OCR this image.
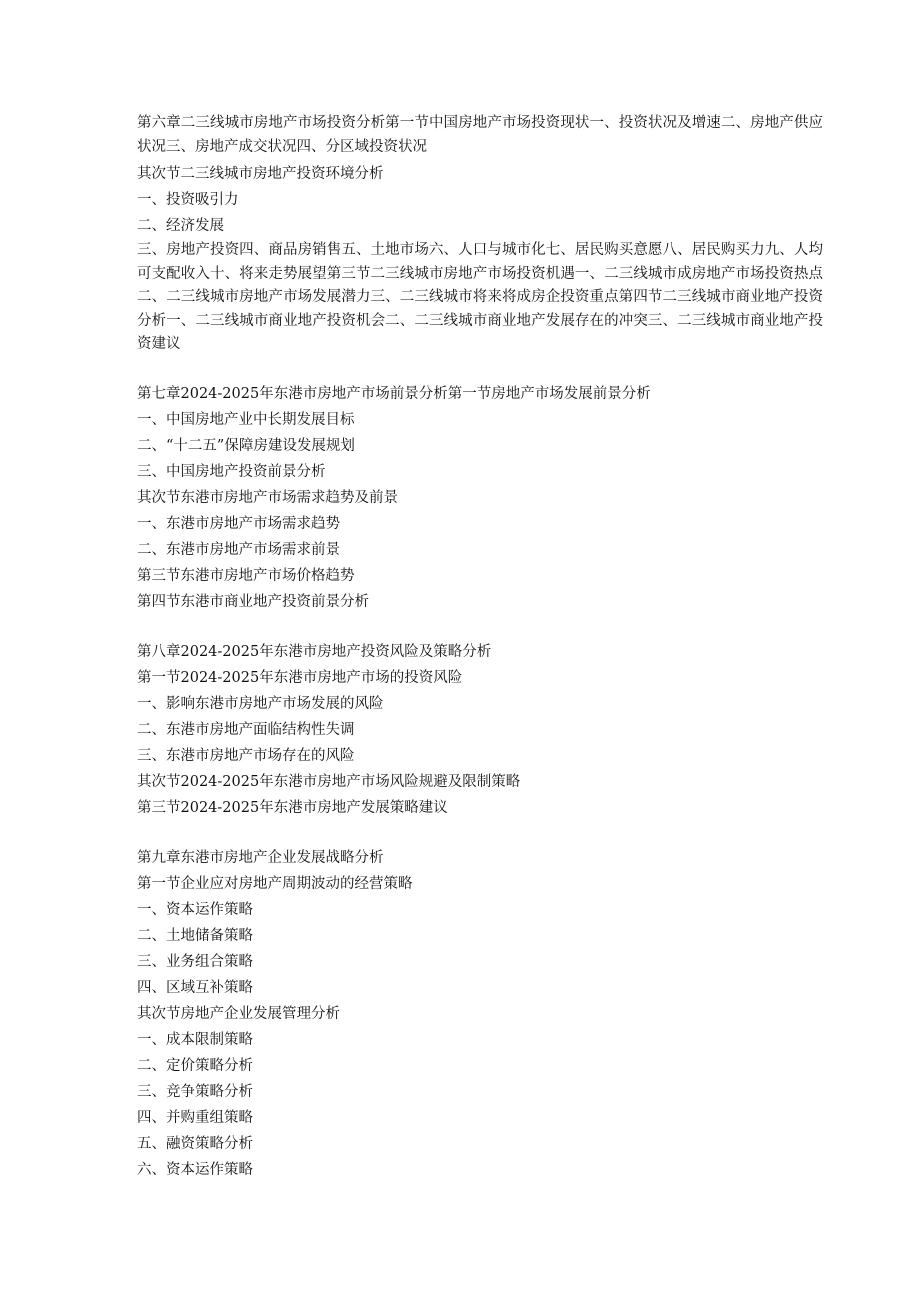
第六章二三线城市房地产市场投资分析第一节中国房地产市场投资现状一、投资状况及增速二、房地产供应状况三、房地产成交状况四、分区域投资状况
其次节二三线城市房地产投资环境分析
一、投资吸引力
二、经济发展
三、房地产投资四、商品房销售五、土地市场六、人口与城市化七、居民购买意愿八、居民购买力九、人均可支配收入十、将来走势展望第三节二三线城市房地产市场投资机遇一、二三线城市成房地产市场投资热点二、二三线城市房地产市场发展潜力三、二三线城市将来将成房企投资重点第四节二三线城市商业地产投资分析一、二三线城市商业地产投资机会二、二三线城市商业地产发展存在的冲突三、二三线城市商业地产投资建议
第七章2024-2025年东港市房地产市场前景分析第一节房地产市场发展前景分析
一、中国房地产业中长期发展目标
二、“十二五”保障房建设发展规划
三、中国房地产投资前景分析
其次节东港市房地产市场需求趋势及前景
一、东港市房地产市场需求趋势
二、东港市房地产市场需求前景
第三节东港市房地产市场价格趋势
第四节东港市商业地产投资前景分析
第八章2024-2025年东港市房地产投资风险及策略分析
第一节2024-2025年东港市房地产市场的投资风险
一、影响东港市房地产市场发展的风险
二、东港市房地产面临结构性失调
三、东港市房地产市场存在的风险
其次节2024-2025年东港市房地产市场风险规避及限制策略
第三节2024-2025年东港市房地产发展策略建议
第九章东港市房地产企业发展战略分析
第一节企业应对房地产周期波动的经营策略
一、资本运作策略
二、土地储备策略
三、业务组合策略
四、区域互补策略
其次节房地产企业发展管理分析
一、成本限制策略
二、定价策略分析
三、竞争策略分析
四、并购重组策略
五、融资策略分析
六、资本运作策略
